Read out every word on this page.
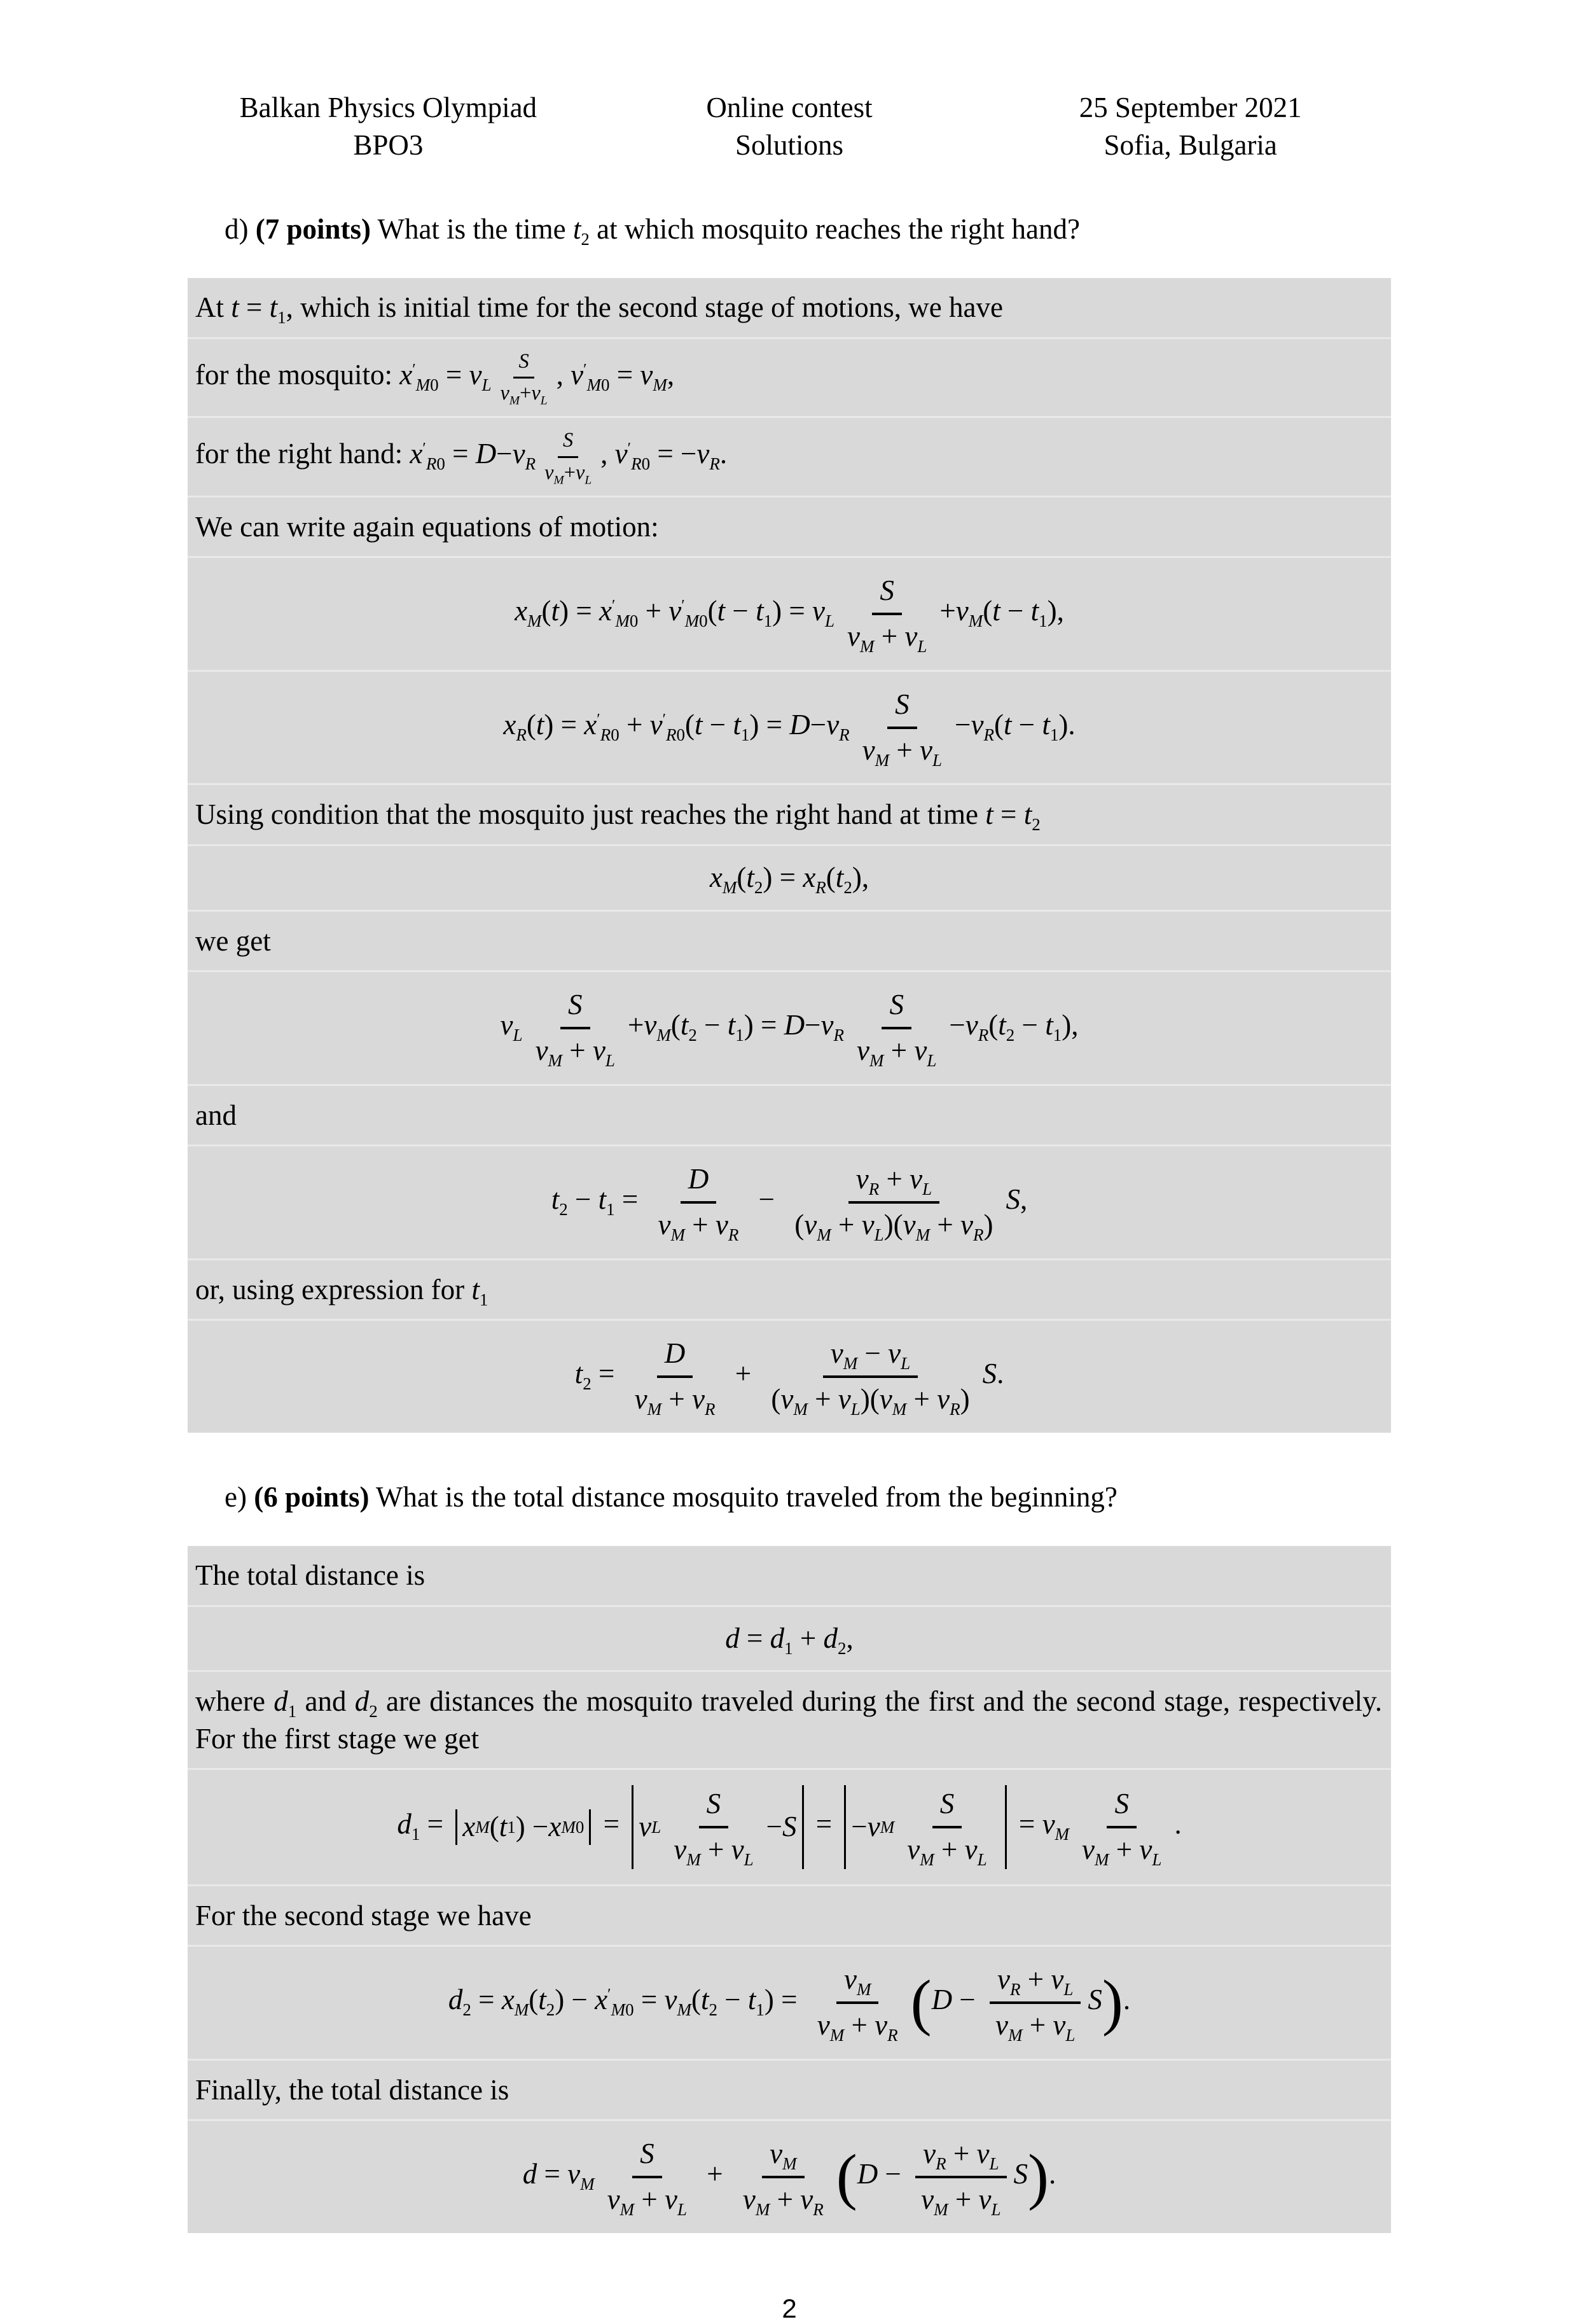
Balkan Physics Olympiad
BPO3
Online contest
Solutions
25 September 2021
Sofia, Bulgaria
d) (7 points) What is the time $t_2$ at which mosquito reaches the right hand?
At $t = t_1$, which is initial time for the second stage of motions, we have
for the mosquito: $x'_{M0} = v_L \frac{S}{v_M+v_L}$ , $v'_{M0} = v_M$,
for the right hand: $x'_{R0} = D-v_R \frac{S}{v_M+v_L}$ , $v'_{R0} = -v_R$.
We can write again equations of motion:
$x_M(t) = x'_{M0} + v'_{M0}(t - t_1) = v_L \frac{S}{v_M + v_L} +v_M(t - t_1)$,
$x_R(t) = x'_{R0} + v'_{R0}(t - t_1) = D-v_R \frac{S}{v_M + v_L} -v_R(t - t_1)$.
Using condition that the mosquito just reaches the right hand at time $t = t_2$
$x_M(t_2) = x_R(t_2)$,
we get
$v_L \frac{S}{v_M + v_L} +v_M(t_2 - t_1) = D-v_R \frac{S}{v_M + v_L} -v_R(t_2 - t_1)$,
and
$t_2 - t_1 = \frac{D}{v_M + v_R} - \frac{v_R + v_L}{(v_M + v_L)(v_M + v_R)} S$,
or, using expression for $t_1$
$t_2 = \frac{D}{v_M + v_R} + \frac{v_M - v_L}{(v_M + v_L)(v_M + v_R)} S$.
e) (6 points) What is the total distance mosquito traveled from the beginning?
The total distance is
$d = d_1 + d_2$,
where $d_1$ and $d_2$ are distances the mosquito traveled during the first and the second stage, respectively. For the first stage we get
$d_1 = x$ M ( t 1 ) − x M0 = v L $\frac{S}{v_M + v_L} - S$ = − v M $\frac{S}{v_M + v_L} = v_M \frac{S}{v_M + v_L}$ .
For the second stage we have
$d_2 = x_M(t_2) - x'_{M0} = v_M(t_2 - t_1) = \frac{v_M}{v_M + v_R} (D - \frac{v_R + v_L}{v_M + v_L} S)$.
Finally, the total distance is
$d = v_M \frac{S}{v_M + v_L} + \frac{v_M}{v_M + v_R} (D - \frac{v_R + v_L}{v_M + v_L} S)$.
2
